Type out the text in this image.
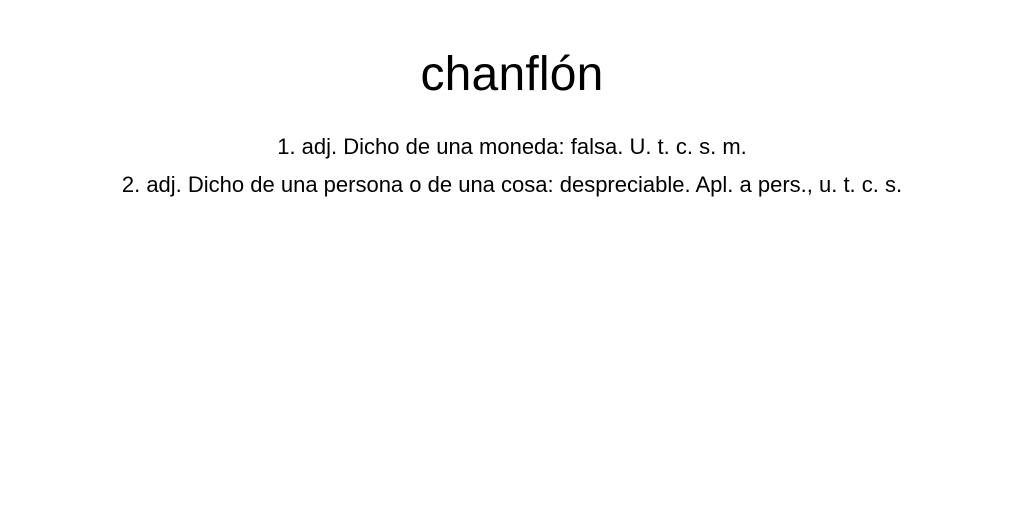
chanflón
1. adj. Dicho de una moneda: falsa. U. t. c. s. m.
2. adj. Dicho de una persona o de una cosa: despreciable. Apl. a pers., u. t. c. s.
